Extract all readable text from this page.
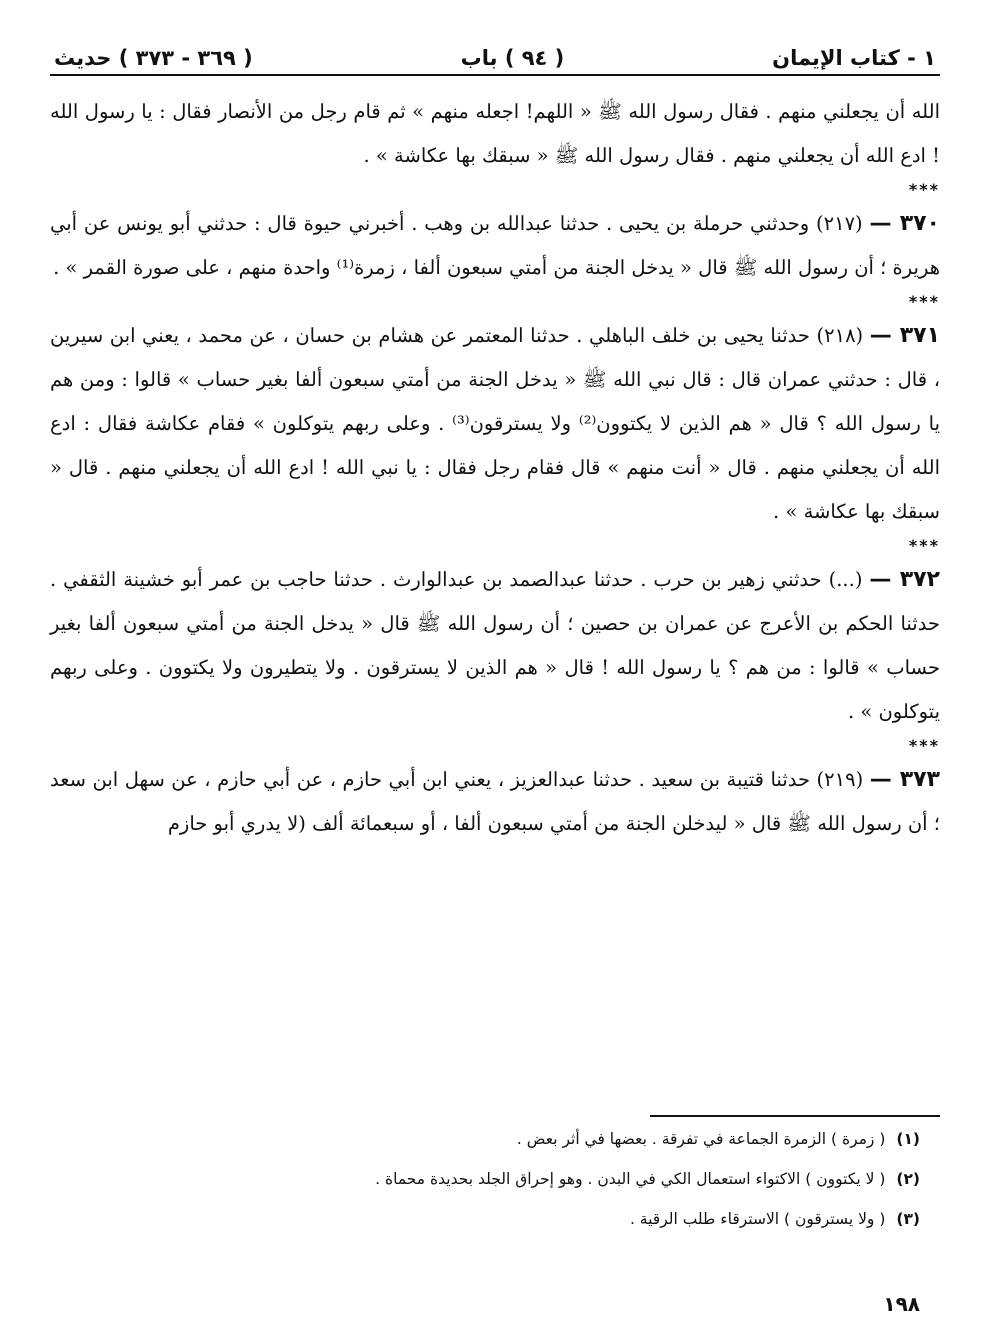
١ - كتاب الإيمان
( ٩٤ ) باب
( ٣٦٩ - ٣٧٣ ) حديث

الله أن يجعلني منهم . فقال رسول الله ﷺ « اللهم! اجعله منهم » ثم قام رجل من الأنصار فقال : يا رسول الله ! ادع الله أن يجعلني منهم . فقال رسول الله ﷺ « سبقك بها عكاشة » .

***

٣٧٠ — (٢١٧) وحدثني حرملة بن يحيى . حدثنا عبدالله بن وهب . أخبرني حيوة قال : حدثني أبو يونس عن أبي هريرة ؛ أن رسول الله ﷺ قال « يدخل الجنة من أمتي سبعون ألفا ، زمرة⁽¹⁾ واحدة منهم ، على صورة القمر » .

***

٣٧١ — (٢١٨) حدثنا يحيى بن خلف الباهلي . حدثنا المعتمر عن هشام بن حسان ، عن محمد ، يعني ابن سيرين ، قال : حدثني عمران قال : قال نبي الله ﷺ « يدخل الجنة من أمتي سبعون ألفا بغير حساب » قالوا : ومن هم يا رسول الله ؟ قال « هم الذين لا يكتوون⁽²⁾ ولا يسترقون⁽³⁾ . وعلى ربهم يتوكلون » فقام عكاشة فقال : ادع الله أن يجعلني منهم . قال « أنت منهم » قال فقام رجل فقال : يا نبي الله ! ادع الله أن يجعلني منهم . قال « سبقك بها عكاشة » .

***

٣٧٢ — (...) حدثني زهير بن حرب . حدثنا عبدالصمد بن عبدالوارث . حدثنا حاجب بن عمر أبو خشينة الثقفي . حدثنا الحكم بن الأعرج عن عمران بن حصين ؛ أن رسول الله ﷺ قال « يدخل الجنة من أمتي سبعون ألفا بغير حساب » قالوا : من هم ؟ يا رسول الله ! قال « هم الذين لا يسترقون . ولا يتطيرون ولا يكتوون . وعلى ربهم يتوكلون » .

***

٣٧٣ — (٢١٩) حدثنا قتيبة بن سعيد . حدثنا عبدالعزيز ، يعني ابن أبي حازم ، عن أبي حازم ، عن سهل ابن سعد ؛ أن رسول الله ﷺ قال « ليدخلن الجنة من أمتي سبعون ألفا ، أو سبعمائة ألف (لا يدري أبو حازم

(١) ( زمرة ) الزمرة الجماعة في تفرقة . بعضها في أثر بعض .
(٢) ( لا يكتوون ) الاكتواء استعمال الكي في البدن . وهو إحراق الجلد بحديدة محماة .
(٣) ( ولا يسترقون ) الاسترقاء طلب الرقية .
١٩٨
